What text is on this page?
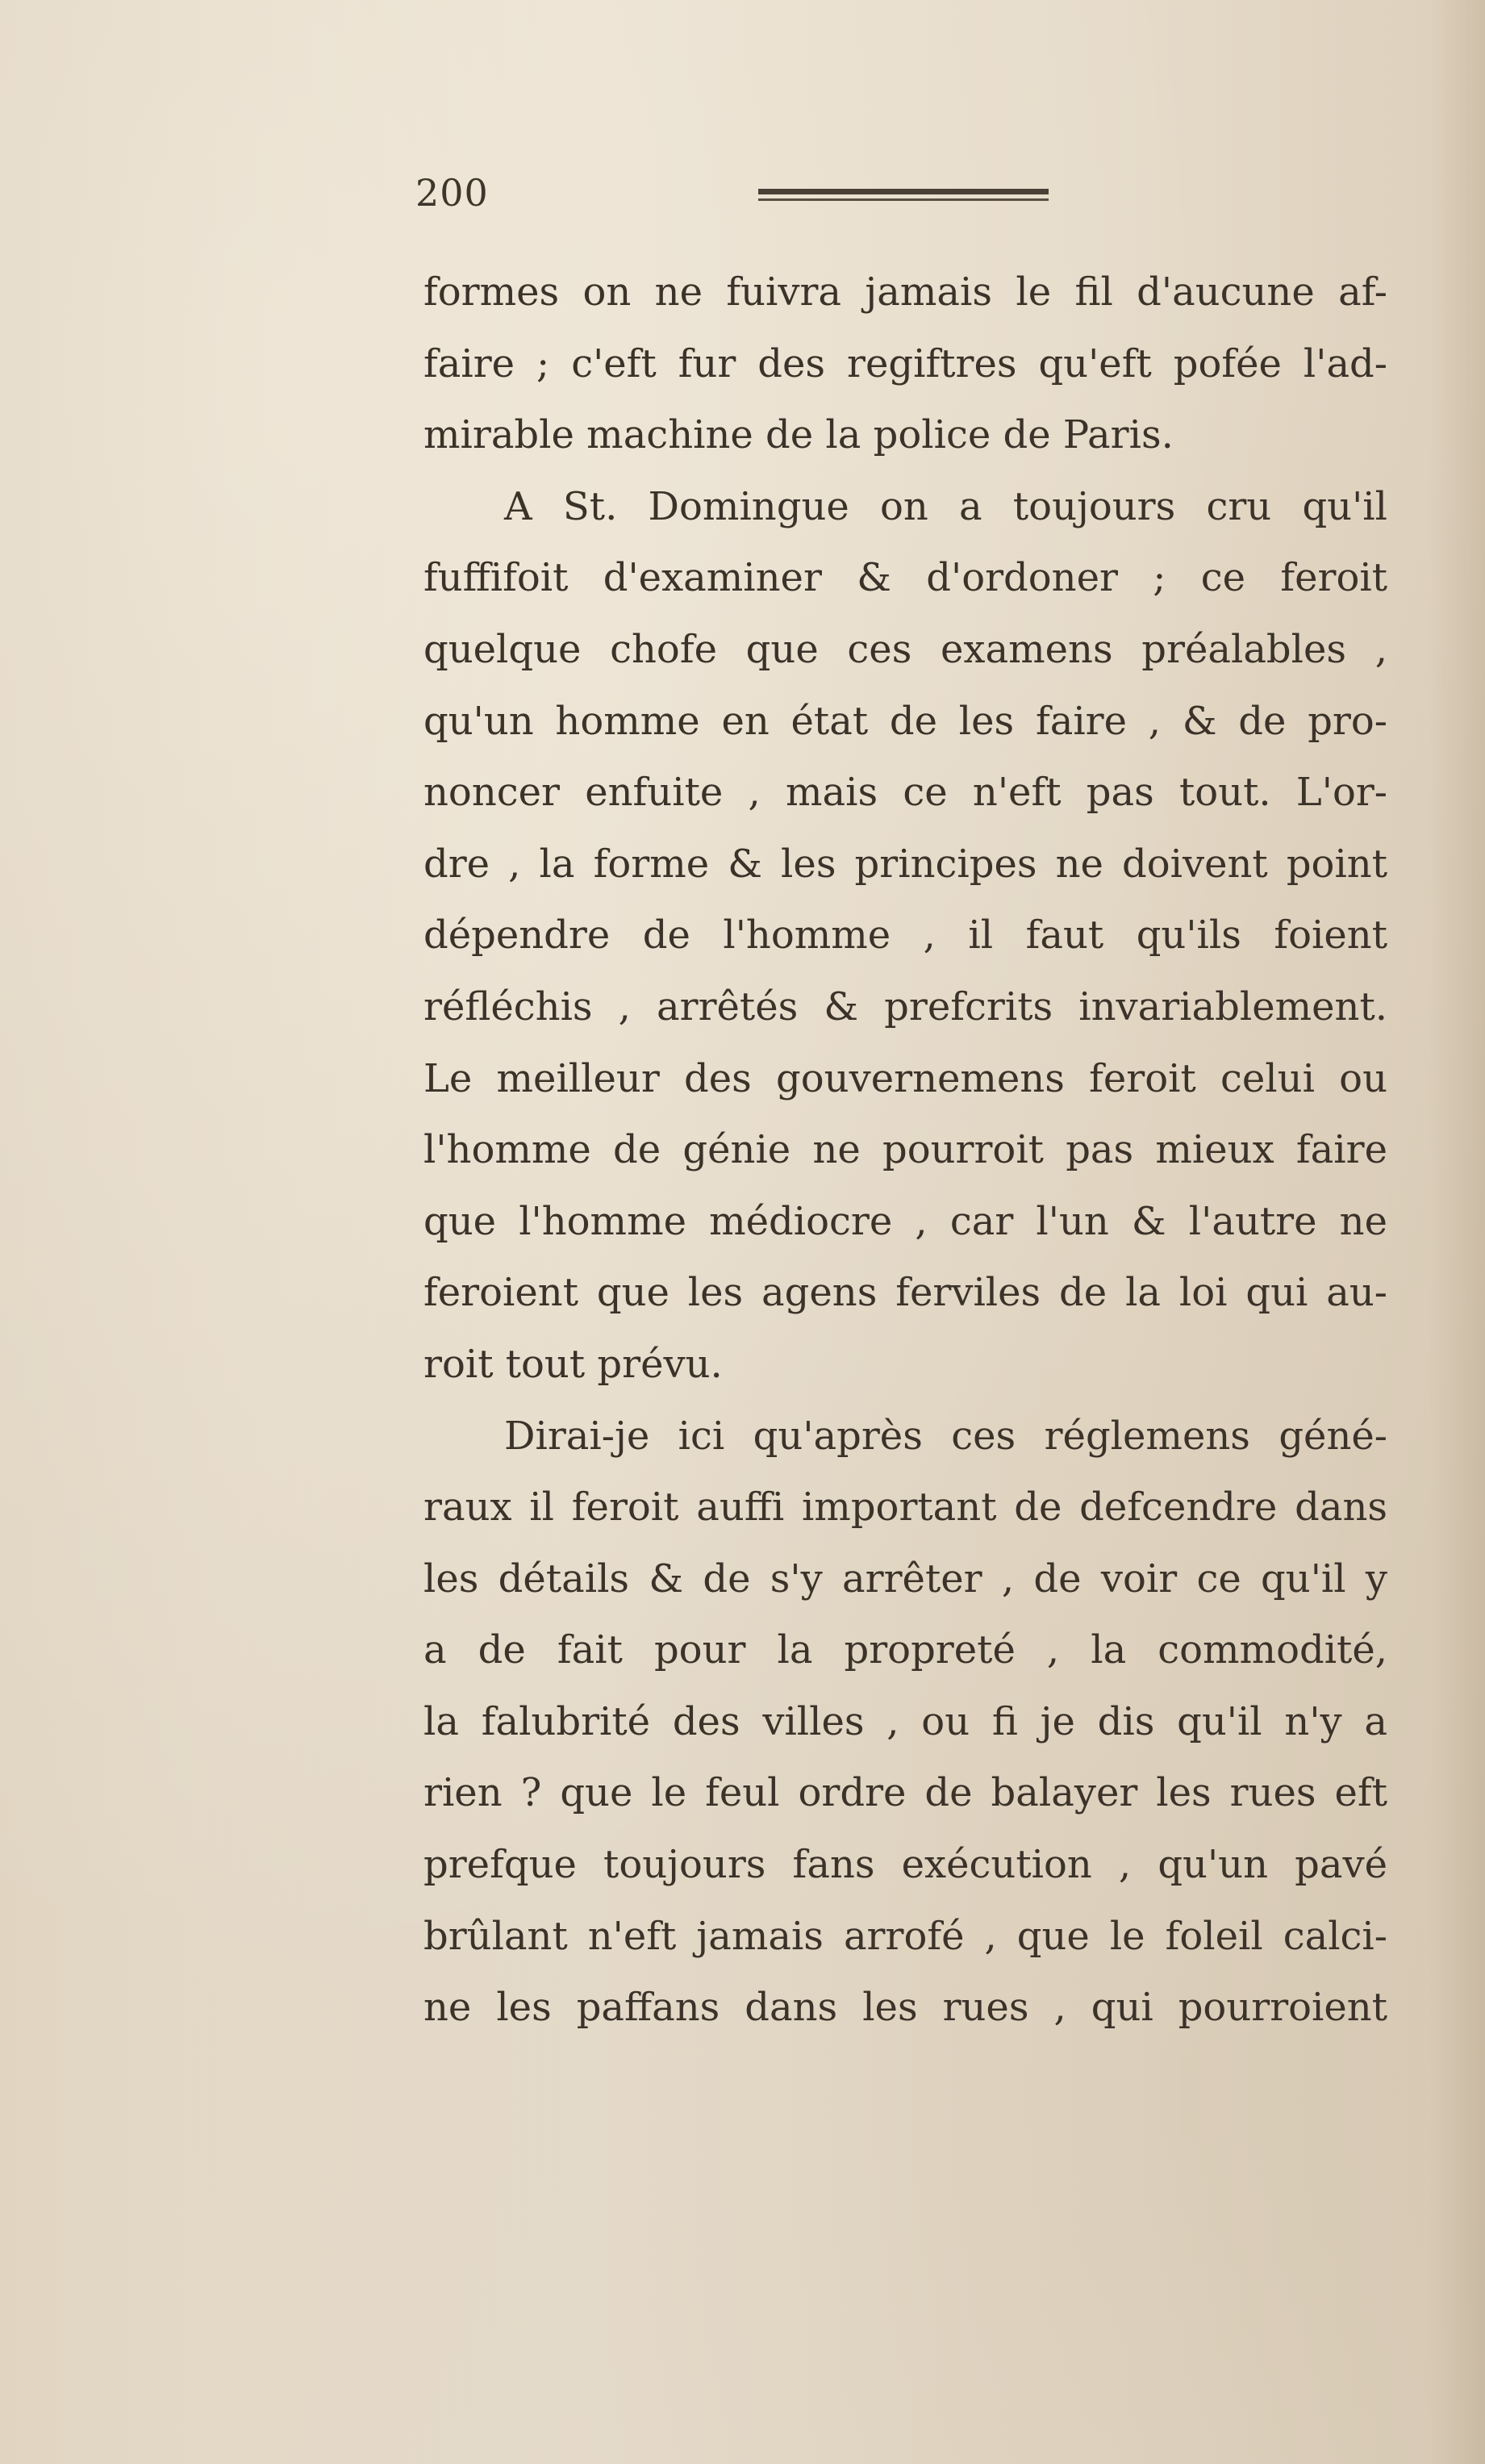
200
formes on ne fuivra jamais le fil d'aucune af-
faire ; c'eft fur des regiftres qu'eft pofée l'ad-
mirable machine de la police de Paris.
A St. Domingue on a toujours cru qu'il
fuffifoit d'examiner & d'ordoner ; ce feroit
quelque chofe que ces examens préalables ,
qu'un homme en état de les faire , & de pro-
noncer enfuite , mais ce n'eft pas tout. L'or-
dre , la forme & les principes ne doivent point
dépendre de l'homme , il faut qu'ils foient
réfléchis , arrêtés & prefcrits invariablement.
Le meilleur des gouvernemens feroit celui ou
l'homme de génie ne pourroit pas mieux faire
que l'homme médiocre , car l'un & l'autre ne
feroient que les agens ferviles de la loi qui au-
roit tout prévu.
Dirai-je ici qu'après ces réglemens géné-
raux il feroit auffi important de defcendre dans
les détails & de s'y arrêter , de voir ce qu'il y
a de fait pour la propreté , la commodité,
la falubrité des villes , ou fi je dis qu'il n'y a
rien ? que le feul ordre de balayer les rues eft
prefque toujours fans exécution , qu'un pavé
brûlant n'eft jamais arrofé , que le foleil calci-
ne les paffans dans les rues , qui pourroient
